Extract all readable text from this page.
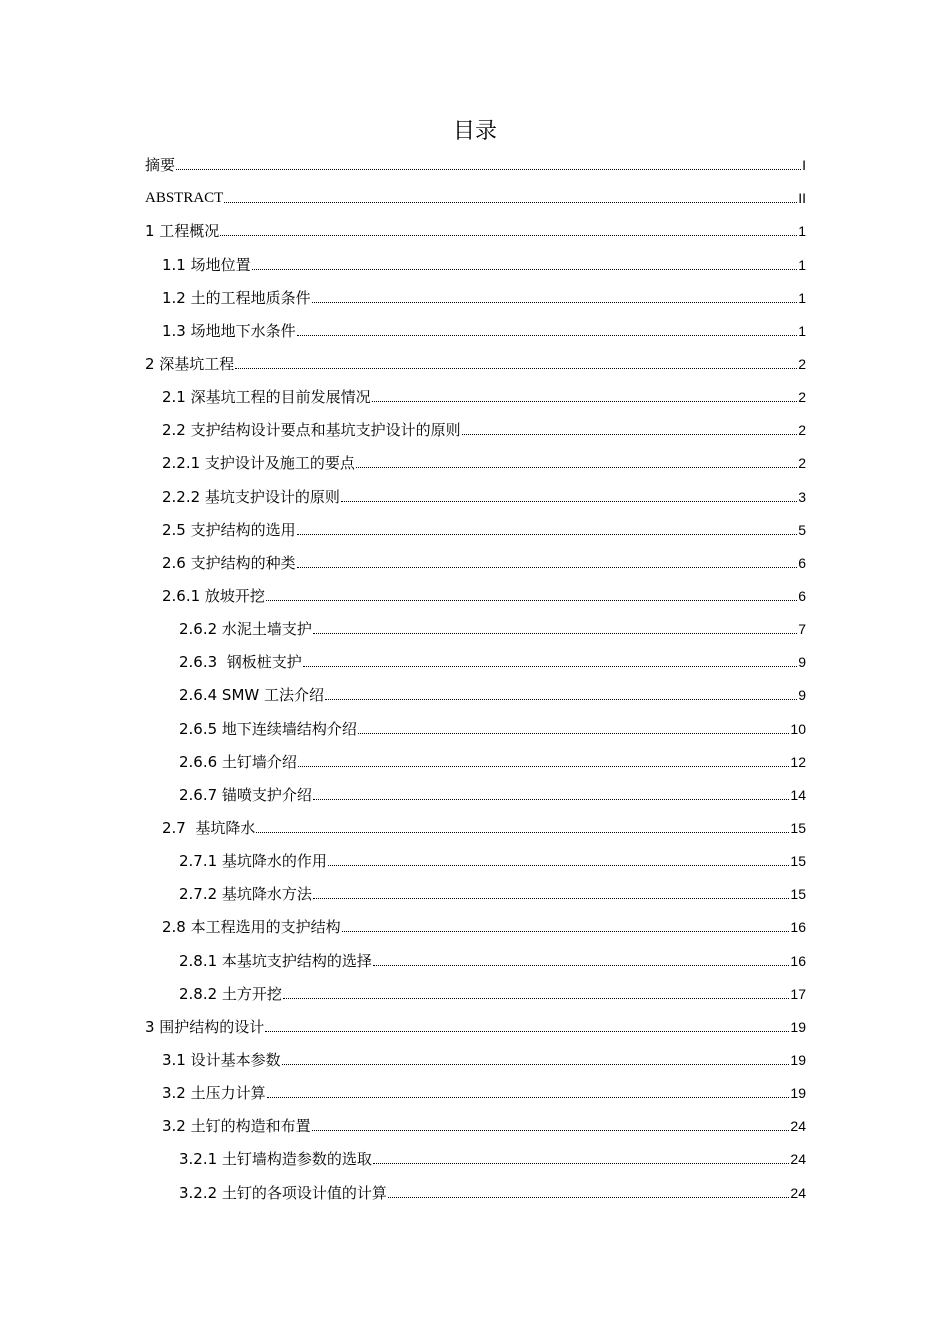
目录
摘要	I
ABSTRACT	II
1 工程概况	1
1.1 场地位置	1
1.2 土的工程地质条件	1
1.3 场地地下水条件	1
2 深基坑工程	2
2.1 深基坑工程的目前发展情况	2
2.2 支护结构设计要点和基坑支护设计的原则	2
2.2.1 支护设计及施工的要点	2
2.2.2 基坑支护设计的原则	3
2.5 支护结构的选用	5
2.6 支护结构的种类	6
2.6.1 放坡开挖	6
2.6.2 水泥土墙支护	7
2.6.3  钢板桩支护	9
2.6.4 SMW 工法介绍	9
2.6.5 地下连续墙结构介绍	10
2.6.6 土钉墙介绍	12
2.6.7 锚喷支护介绍	14
2.7  基坑降水	15
2.7.1 基坑降水的作用	15
2.7.2 基坑降水方法	15
2.8 本工程选用的支护结构	16
2.8.1 本基坑支护结构的选择	16
2.8.2 土方开挖	17
3 围护结构的设计	19
3.1 设计基本参数	19
3.2 土压力计算	19
3.2 土钉的构造和布置	24
3.2.1 土钉墙构造参数的选取	24
3.2.2 土钉的各项设计值的计算	24
